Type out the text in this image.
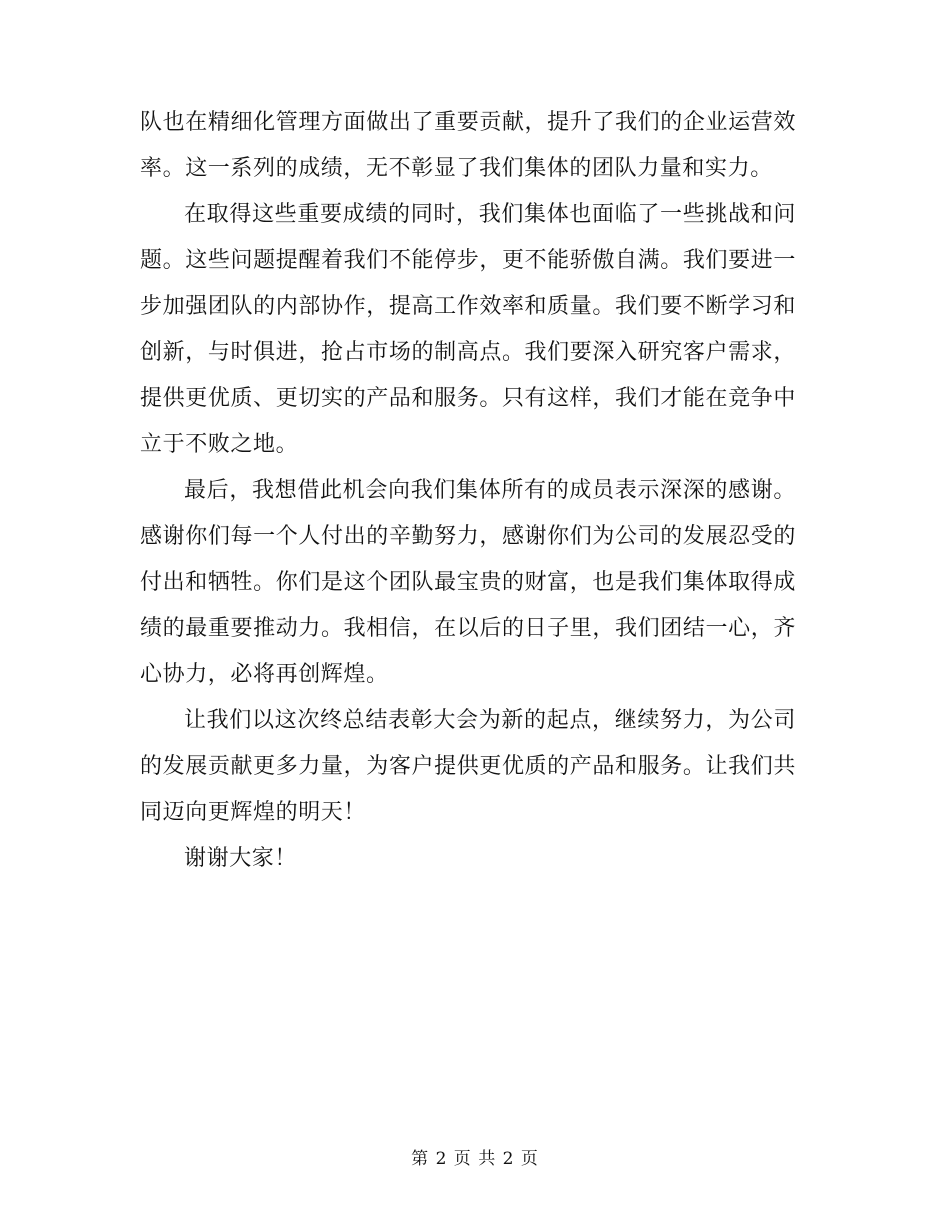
队也在精细化管理方面做出了重要贡献，提升了我们的企业运营效率。这一系列的成绩，无不彰显了我们集体的团队力量和实力。

在取得这些重要成绩的同时，我们集体也面临了一些挑战和问题。这些问题提醒着我们不能停步，更不能骄傲自满。我们要进一步加强团队的内部协作，提高工作效率和质量。我们要不断学习和创新，与时俱进，抢占市场的制高点。我们要深入研究客户需求，提供更优质、更切实的产品和服务。只有这样，我们才能在竞争中立于不败之地。

最后，我想借此机会向我们集体所有的成员表示深深的感谢。感谢你们每一个人付出的辛勤努力，感谢你们为公司的发展忍受的付出和牺牲。你们是这个团队最宝贵的财富，也是我们集体取得成绩的最重要推动力。我相信，在以后的日子里，我们团结一心，齐心协力，必将再创辉煌。

让我们以这次终总结表彰大会为新的起点，继续努力，为公司的发展贡献更多力量，为客户提供更优质的产品和服务。让我们共同迈向更辉煌的明天！

谢谢大家！

第 2 页 共 2 页
